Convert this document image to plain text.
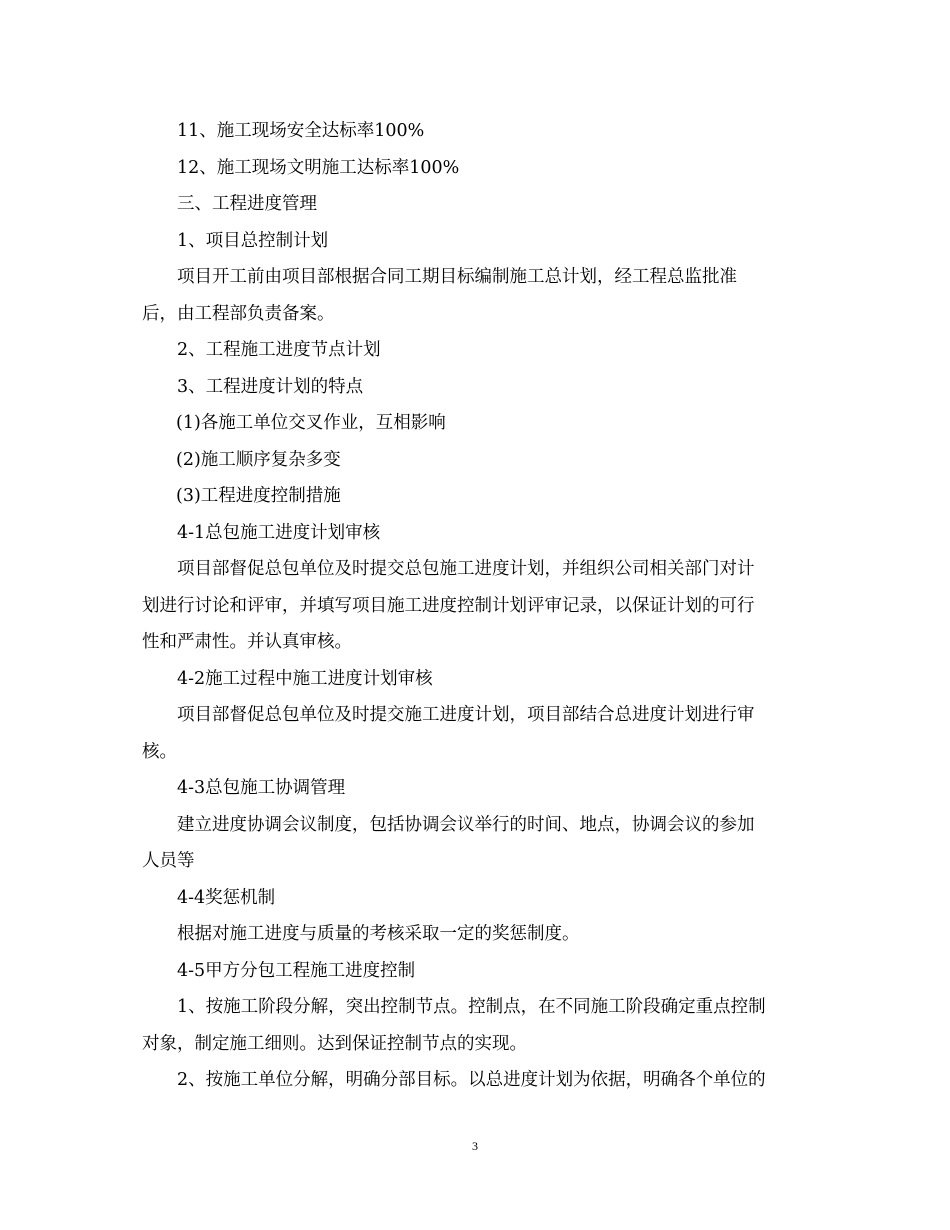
11、施工现场安全达标率100%

12、施工现场文明施工达标率100%

三、工程进度管理

1、项目总控制计划

项目开工前由项目部根据合同工期目标编制施工总计划，经工程总监批准

后，由工程部负责备案。

2、工程施工进度节点计划

3、工程进度计划的特点

(1)各施工单位交叉作业，互相影响

(2)施工顺序复杂多变

(3)工程进度控制措施

4-1总包施工进度计划审核

项目部督促总包单位及时提交总包施工进度计划，并组织公司相关部门对计

划进行讨论和评审，并填写项目施工进度控制计划评审记录，以保证计划的可行

性和严肃性。并认真审核。

4-2施工过程中施工进度计划审核

项目部督促总包单位及时提交施工进度计划，项目部结合总进度计划进行审

核。

4-3总包施工协调管理

建立进度协调会议制度，包括协调会议举行的时间、地点，协调会议的参加

人员等

4-4奖惩机制

根据对施工进度与质量的考核采取一定的奖惩制度。

4-5甲方分包工程施工进度控制

1、按施工阶段分解，突出控制节点。控制点，在不同施工阶段确定重点控制

对象，制定施工细则。达到保证控制节点的实现。

2、按施工单位分解，明确分部目标。以总进度计划为依据，明确各个单位的

3
